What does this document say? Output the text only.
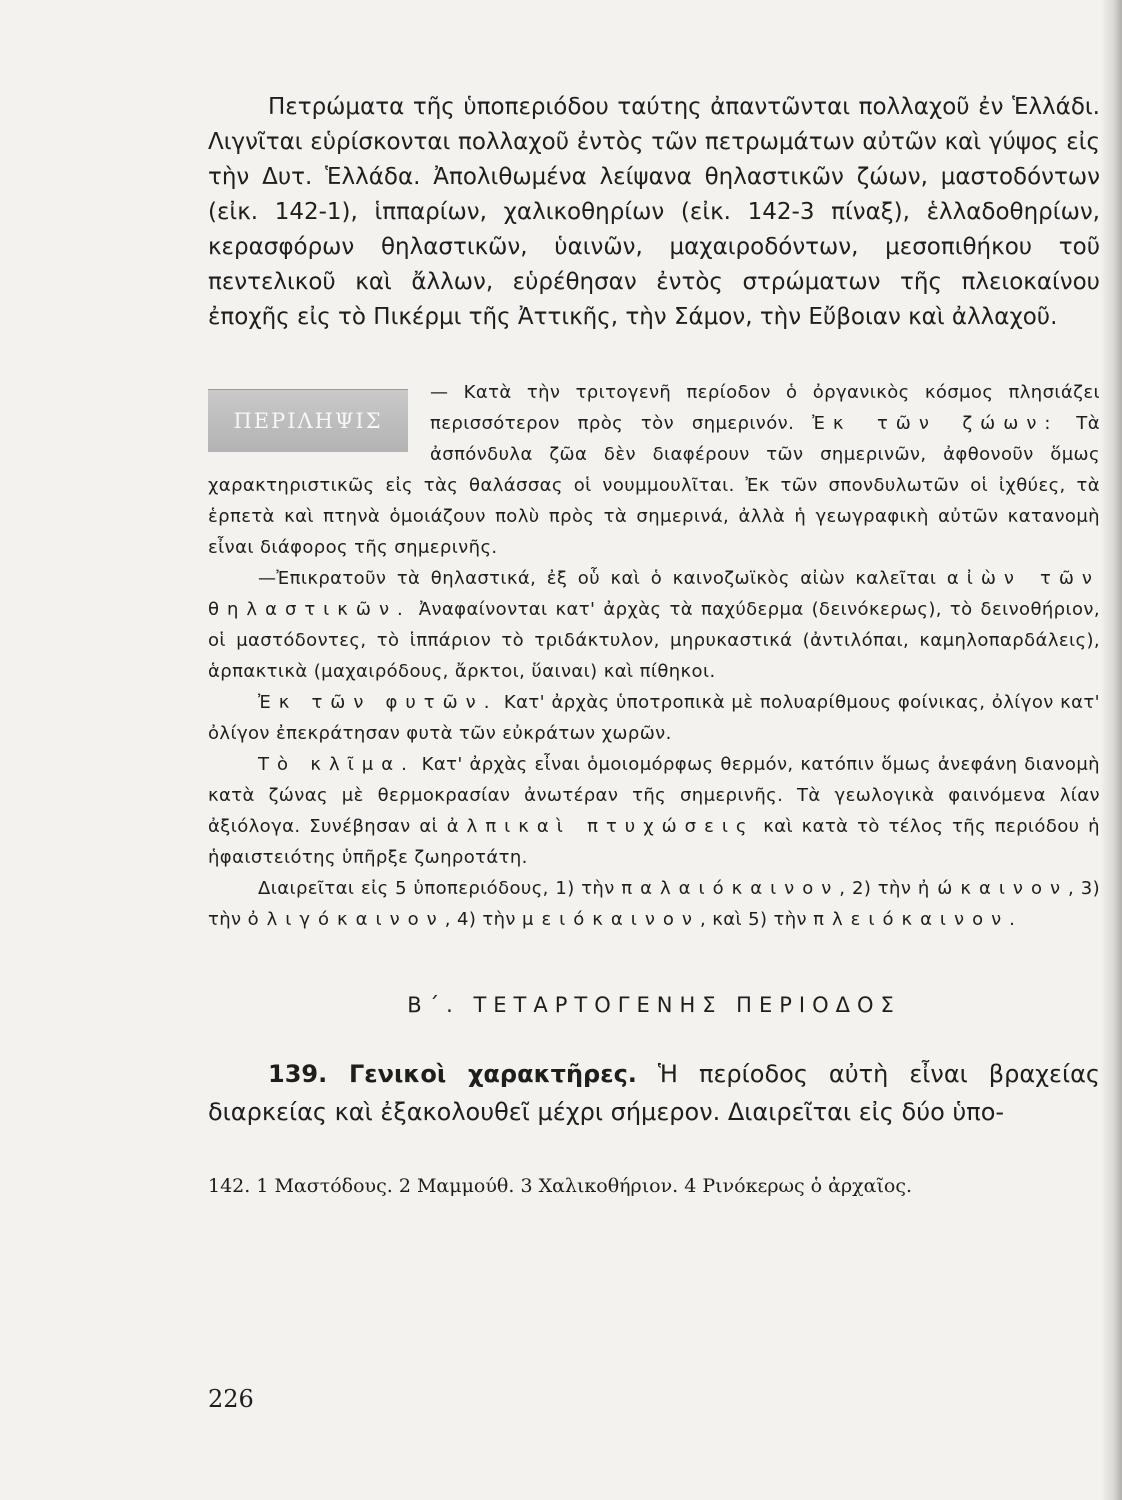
Πετρώματα τῆς ὑποπεριόδου ταύτης ἀπαντῶνται πολλαχοῦ ἐν Ἑλλάδι. Λιγνῖται εὑρίσκονται πολλαχοῦ ἐντὸς τῶν πετρωμάτων αὐτῶν καὶ γύψος εἰς τὴν Δυτ. Ἑλλάδα. Ἀπολιθωμένα λείψανα θηλαστικῶν ζώων, μαστοδόντων (εἰκ. 142-1), ἱππαρίων, χαλικοθηρίων (εἰκ. 142-3 πίναξ), ἑλλαδοθηρίων, κερασφόρων θηλαστικῶν, ὑαινῶν, μαχαιροδόντων, μεσοπιθήκου τοῦ πεντελικοῦ καὶ ἄλλων, εὑρέθησαν ἐντὸς στρώματων τῆς πλειοκαίνου ἐποχῆς εἰς τὸ Πικέρμι τῆς Ἀττικῆς, τὴν Σάμον, τὴν Εὔβοιαν καὶ ἀλλαχοῦ.

ΠΕΡΙΛΗΨΙΣ

— Κατὰ τὴν τριτογενῆ περίοδον ὁ ὀργανικὸς κόσμος πλησιάζει περισσότερον πρὸς τὸν σημερινόν. Ἐκ τῶν ζώων: Τὰ ἀσπόνδυλα ζῶα δὲν διαφέρουν τῶν σημερινῶν, ἀφθονοῦν ὅμως χαρακτηριστικῶς εἰς τὰς θαλάσσας οἱ νουμμουλῖται. Ἐκ τῶν σπονδυλωτῶν οἱ ἰχθύες, τὰ ἑρπετὰ καὶ πτηνὰ ὁμοιάζουν πολὺ πρὸς τὰ σημερινά, ἀλλὰ ἡ γεωγραφικὴ αὐτῶν κατανομὴ εἶναι διάφορος τῆς σημερινῆς.

—Ἐπικρατοῦν τὰ θηλαστικά, ἐξ οὗ καὶ ὁ καινοζωϊκὸς αἰὼν καλεῖται αἰὼν τῶν θηλαστικῶν. Ἀναφαίνονται κατ' ἀρχὰς τὰ παχύδερμα (δεινόκερως), τὸ δεινοθήριον, οἱ μαστόδοντες, τὸ ἱππάριον τὸ τριδάκτυλον, μηρυκαστικά (ἀντιλόπαι, καμηλοπαρδάλεις), ἁρπακτικὰ (μαχαιρόδους, ἄρκτοι, ὕαιναι) καὶ πίθηκοι.

Ἐκ τῶν φυτῶν. Κατ' ἀρχὰς ὑποτροπικὰ μὲ πολυαρίθμους φοίνικας, ὀλίγον κατ' ὀλίγον ἐπεκράτησαν φυτὰ τῶν εὐκράτων χωρῶν.

Τὸ κλῖμα. Κατ' ἀρχὰς εἶναι ὁμοιομόρφως θερμόν, κατόπιν ὅμως ἀνεφάνη διανομὴ κατὰ ζώνας μὲ θερμοκρασίαν ἀνωτέραν τῆς σημερινῆς. Τὰ γεωλογικὰ φαινόμενα λίαν ἀξιόλογα. Συνέβησαν αἱ ἀλπικαὶ πτυχώσεις καὶ κατὰ τὸ τέλος τῆς περιόδου ἡ ἡφαιστειότης ὑπῆρξε ζωηροτάτη.

Διαιρεῖται εἰς 5 ὑποπεριόδους, 1) τὴν παλαιόκαινον, 2) τὴν ἠώκαινον, 3) τὴν ὀλιγόκαινον, 4) τὴν μειόκαινον, καὶ 5) τὴν πλειόκαινον.

Β΄. ΤΕΤΑΡΤΟΓΕΝΗΣ ΠΕΡΙΟΔΟΣ

139. Γενικοὶ χαρακτῆρες. Ἡ περίοδος αὐτὴ εἶναι βραχείας διαρκείας καὶ ἐξακολουθεῖ μέχρι σήμερον. Διαιρεῖται εἰς δύο ὑπο-

142. 1 Μαστόδους. 2 Μαμμούθ. 3 Χαλικοθήριον. 4 Ρινόκερως ὁ ἀρχαῖος.
226
